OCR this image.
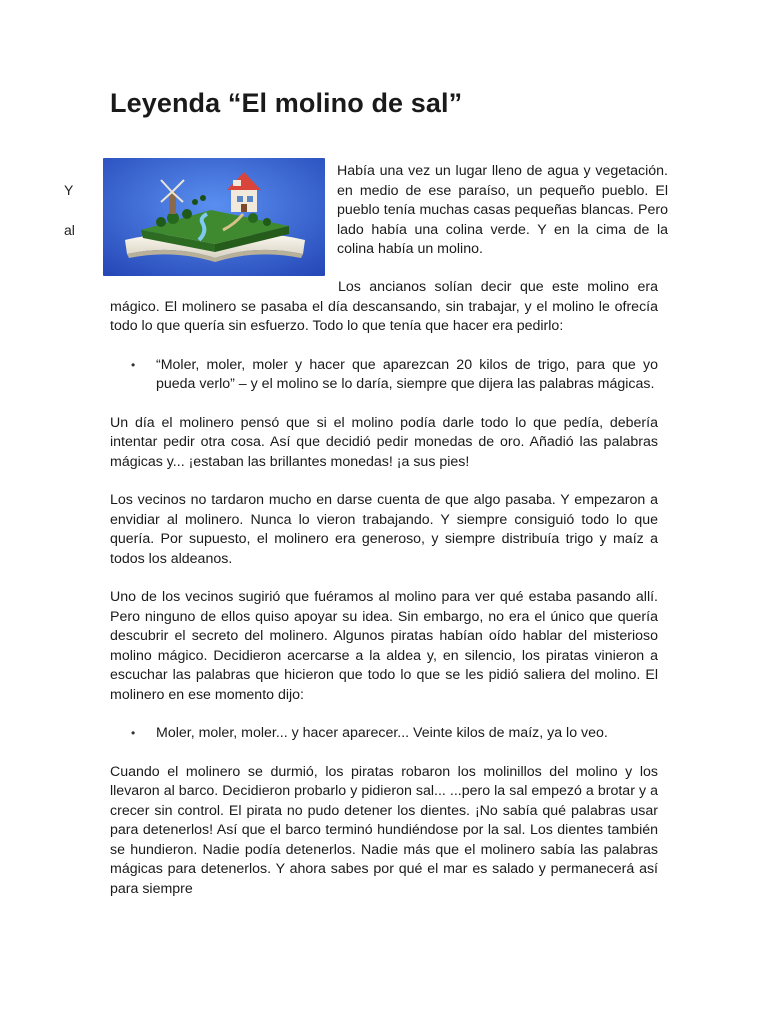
Leyenda “El molino de sal”
Y
al

Había una vez un lugar lleno de agua y vegetación. en medio de ese paraíso, un pequeño pueblo. El pueblo tenía muchas casas pequeñas blancas. Pero lado había una colina verde. Y en la cima de la colina había un molino.

Los ancianos solían decir que este molino era mágico. El molinero se pasaba el día descansando, sin trabajar, y el molino le ofrecía todo lo que quería sin esfuerzo. Todo lo que tenía que hacer era pedirlo:

• “Moler, moler, moler y hacer que aparezcan 20 kilos de trigo, para que yo pueda verlo” – y el molino se lo daría, siempre que dijera las palabras mágicas.

Un día el molinero pensó que si el molino podía darle todo lo que pedía, debería intentar pedir otra cosa. Así que decidió pedir monedas de oro. Añadió las palabras mágicas y... ¡estaban las brillantes monedas! ¡a sus pies!

Los vecinos no tardaron mucho en darse cuenta de que algo pasaba. Y empezaron a envidiar al molinero. Nunca lo vieron trabajando. Y siempre consiguió todo lo que quería. Por supuesto, el molinero era generoso, y siempre distribuía trigo y maíz a todos los aldeanos.

Uno de los vecinos sugirió que fuéramos al molino para ver qué estaba pasando allí. Pero ninguno de ellos quiso apoyar su idea. Sin embargo, no era el único que quería descubrir el secreto del molinero. Algunos piratas habían oído hablar del misterioso molino mágico. Decidieron acercarse a la aldea y, en silencio, los piratas vinieron a escuchar las palabras que hicieron que todo lo que se les pidió saliera del molino. El molinero en ese momento dijo:

• Moler, moler, moler... y hacer aparecer... Veinte kilos de maíz, ya lo veo.

Cuando el molinero se durmió, los piratas robaron los molinillos del molino y los llevaron al barco. Decidieron probarlo y pidieron sal... ...pero la sal empezó a brotar y a crecer sin control. El pirata no pudo detener los dientes. ¡No sabía qué palabras usar para detenerlos! Así que el barco terminó hundiéndose por la sal. Los dientes también se hundieron. Nadie podía detenerlos. Nadie más que el molinero sabía las palabras mágicas para detenerlos. Y ahora sabes por qué el mar es salado y permanecerá así para siempre
